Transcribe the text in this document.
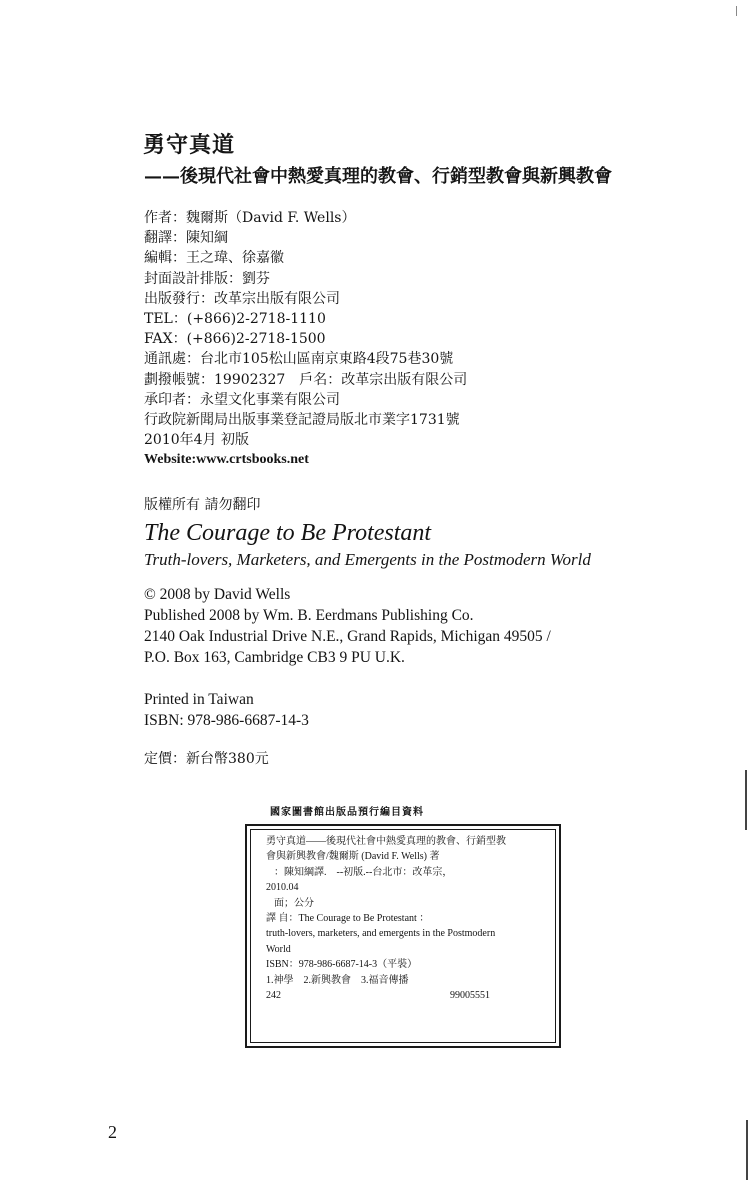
勇守真道
——後現代社會中熱愛真理的教會、行銷型教會與新興教會
作者：魏爾斯（David F. Wells）
翻譯：陳知綱
編輯：王之瑋、徐嘉徽
封面設計排版：劉芬
出版發行：改革宗出版有限公司
TEL：(+866)2-2718-1110
FAX：(+866)2-2718-1500
通訊處：台北市105松山區南京東路4段75巷30號
劃撥帳號：19902327　戶名：改革宗出版有限公司
承印者：永望文化事業有限公司
行政院新聞局出版事業登記證局版北市業字1731號
2010年4月 初版
Website:www.crtsbooks.net
版權所有 請勿翻印
The Courage to Be Protestant
Truth-lovers, Marketers, and Emergents in the Postmodern World
© 2008 by David Wells
Published 2008 by Wm. B. Eerdmans Publishing Co.
2140 Oak Industrial Drive N.E., Grand Rapids, Michigan 49505 /
P.O. Box 163, Cambridge CB3 9 PU U.K.
Printed in Taiwan
ISBN: 978-986-6687-14-3
定價：新台幣380元
國家圖書館出版品預行編目資料
勇守真道——後現代社會中熱愛真理的教會、行銷型教
會與新興教會/魏爾斯 (David F. Wells) 著
：陳知綱譯.　--初版.--台北市：改革宗，
2010.04
面；公分
譯 自：The Courage to Be Protestant ：
truth-lovers, marketers, and emergents in the Postmodern
World
ISBN：978-986-6687-14-3（平裝）
1.神學　2.新興教會　3.福音傳播
242	99005551
2
